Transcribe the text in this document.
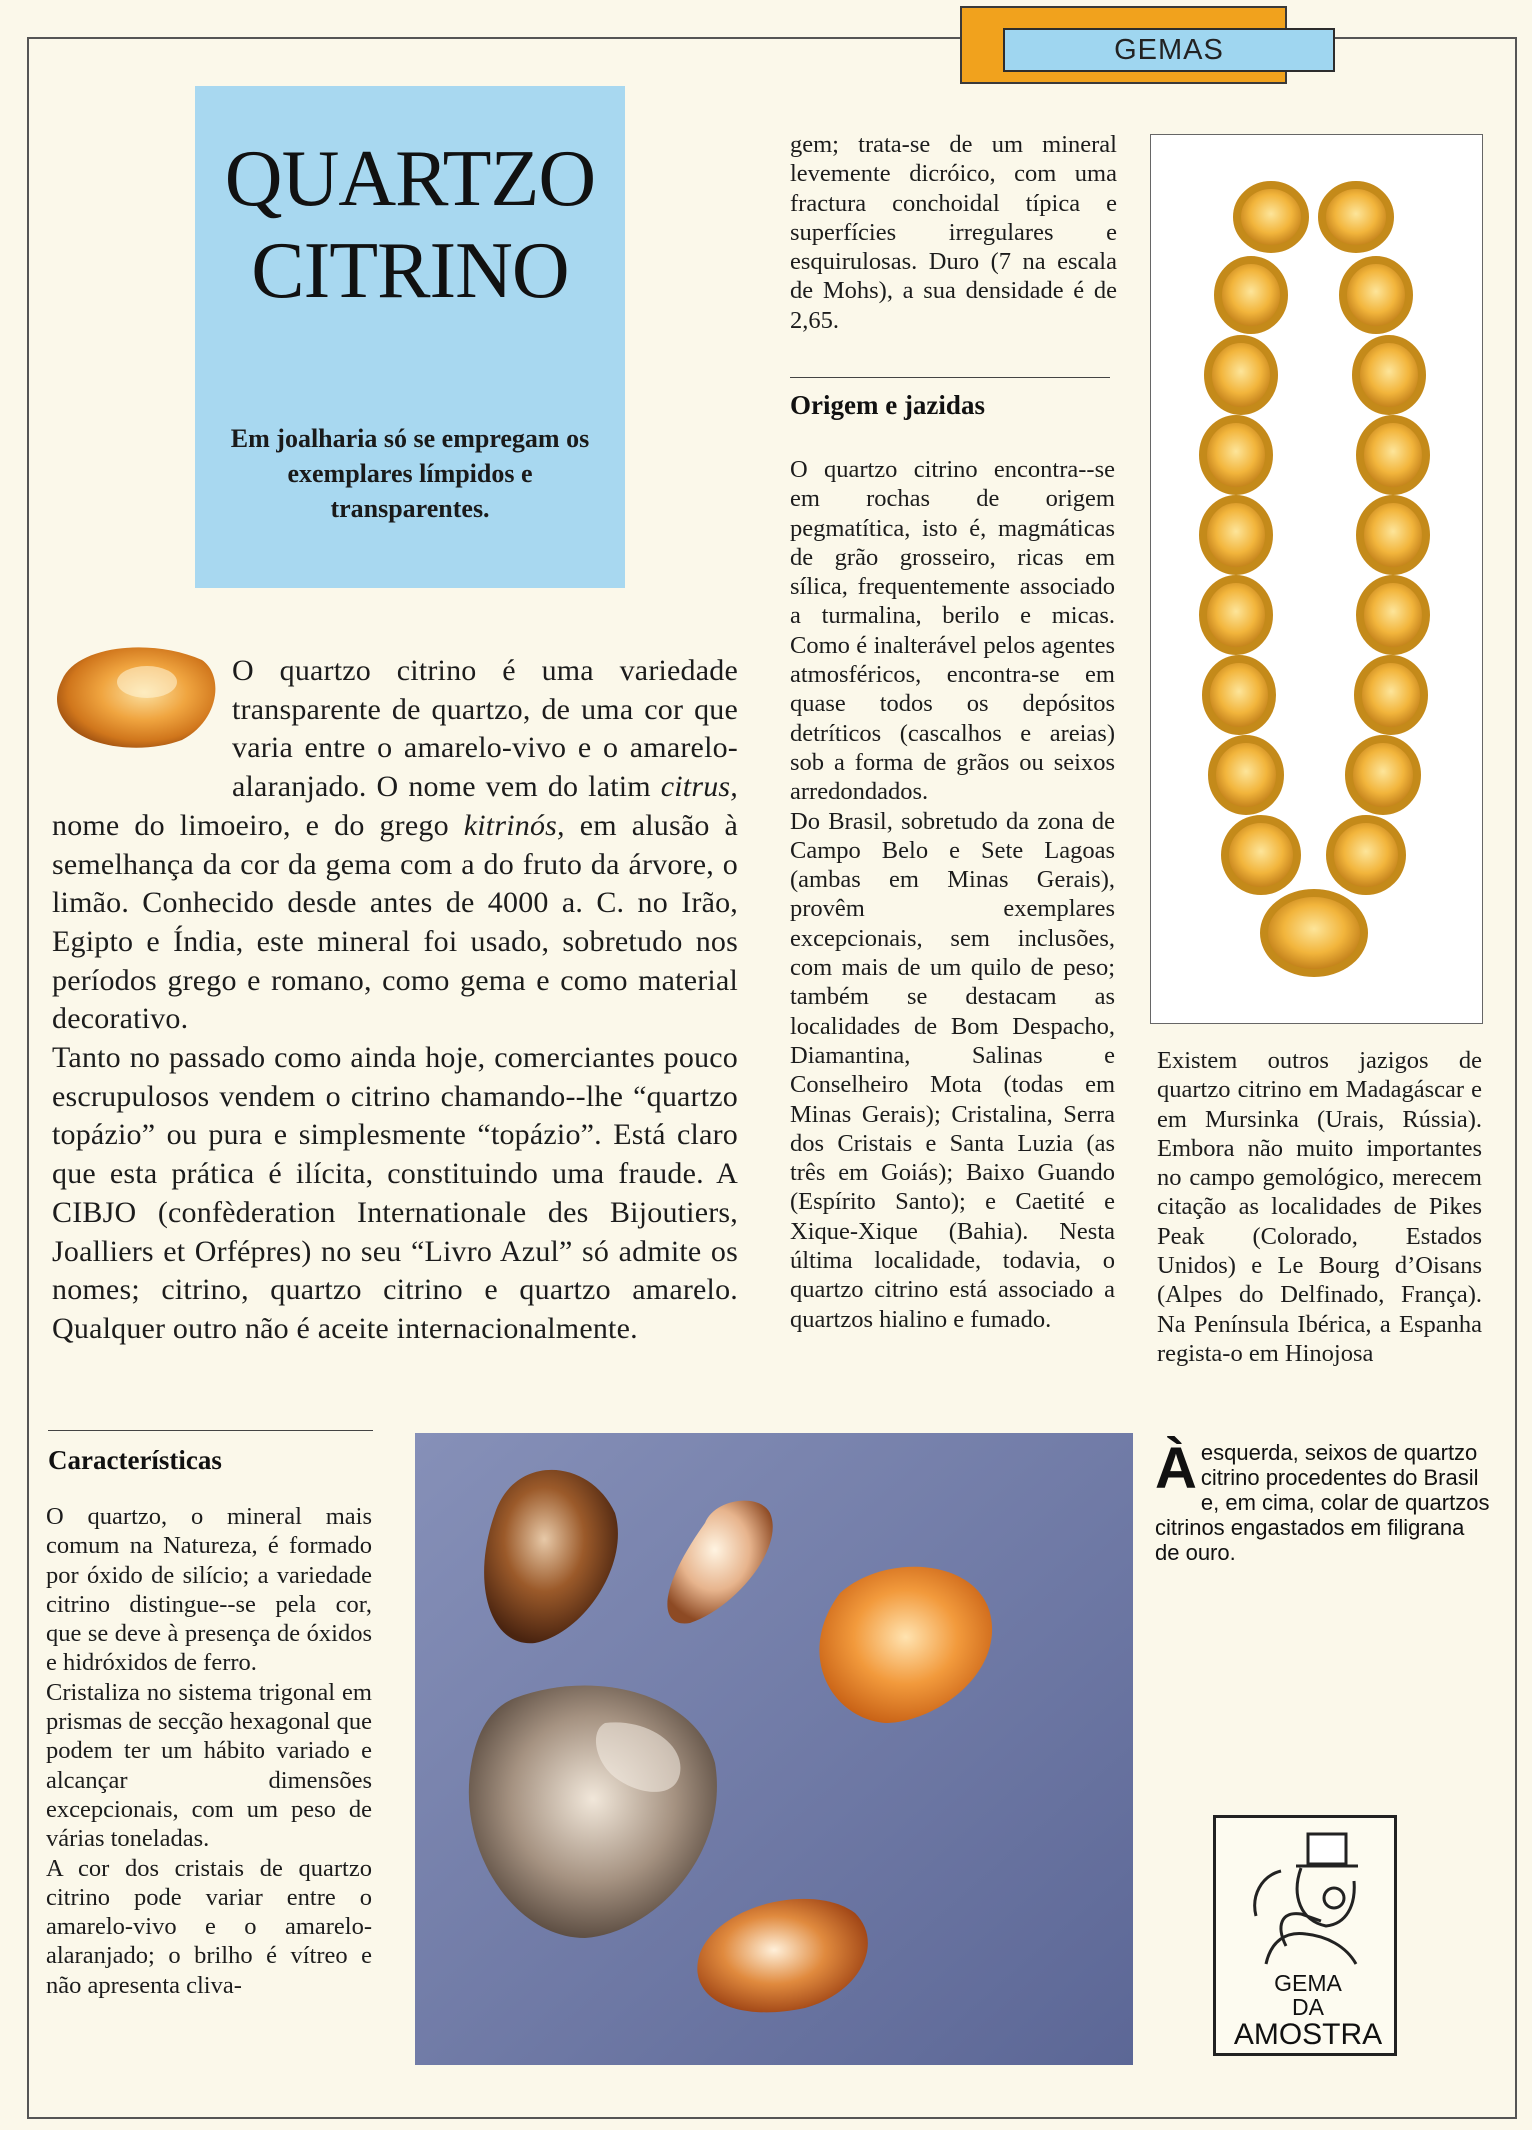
GEMAS
QUARTZO
CITRINO
Em joalharia só se empregam os exemplares límpidos e transparentes.

O quartzo citrino é uma variedade transparente de quartzo, de uma cor que varia entre o amarelo-vivo e o amarelo-alaranjado. O nome vem do latim citrus, nome do limoeiro, e do grego kitrinós, em alusão à semelhança da cor da gema com a do fruto da árvore, o limão. Conhecido desde antes de 4000 a. C. no Irão, Egipto e Índia, este mineral foi usado, sobretudo nos períodos grego e romano, como gema e como material decorativo.

Tanto no passado como ainda hoje, comerciantes pouco escrupulosos vendem o citrino chamando--lhe “quartzo topázio” ou pura e simplesmente “topázio”. Está claro que esta prática é ilícita, constituindo uma fraude. A CIBJO (confèderation Internationale des Bijoutiers, Joalliers et Orfépres) no seu “Livro Azul” só admite os nomes; citrino, quartzo citrino e quartzo amarelo. Qualquer outro não é aceite internacionalmente.

gem; trata-se de um mineral levemente dicróico, com uma fractura conchoidal típica e superfícies irregulares e esquirulosas. Duro (7 na escala de Mohs), a sua densidade é de 2,65.
Origem e jazidas

O quartzo citrino encontra--se em rochas de origem pegmatítica, isto é, magmáticas de grão grosseiro, ricas em sílica, frequentemente associado a turmalina, berilo e micas. Como é inalterável pelos agentes atmosféricos, encontra-se em quase todos os depósitos detríticos (cascalhos e areias) sob a forma de grãos ou seixos arredondados.

Do Brasil, sobretudo da zona de Campo Belo e Sete Lagoas (ambas em Minas Gerais), provêm exemplares excepcionais, sem inclusões, com mais de um quilo de peso; também se destacam as localidades de Bom Despacho, Diamantina, Salinas e Conselheiro Mota (todas em Minas Gerais); Cristalina, Serra dos Cristais e Santa Luzia (as três em Goiás); Baixo Guando (Espírito Santo); e Caetité e Xique-Xique (Bahia). Nesta última localidade, todavia, o quartzo citrino está associado a quartzos hialino e fumado.

Existem outros jazigos de quartzo citrino em Madagáscar e em Mursinka (Urais, Rússia). Embora não muito importantes no campo gemológico, merecem citação as localidades de Pikes Peak (Colorado, Estados Unidos) e Le Bourg d’Oisans (Alpes do Delfinado, França). Na Península Ibérica, a Espanha regista-o em Hinojosa
Àesquerda, seixos de quartzo citrino procedentes do Brasil e, em cima, colar de quartzos citrinos engastados em filigrana de ouro.
Características

O quartzo, o mineral mais comum na Natureza, é formado por óxido de silício; a variedade citrino distingue--se pela cor, que se deve à presença de óxidos e hidróxidos de ferro.

Cristaliza no sistema trigonal em prismas de secção hexagonal que podem ter um hábito variado e alcançar dimensões excepcionais, com um peso de várias toneladas.

A cor dos cristais de quartzo citrino pode variar entre o amarelo-vivo e o amarelo-alaranjado; o brilho é vítreo e não apresenta cliva-	GEMA
DA
AMOSTRA
